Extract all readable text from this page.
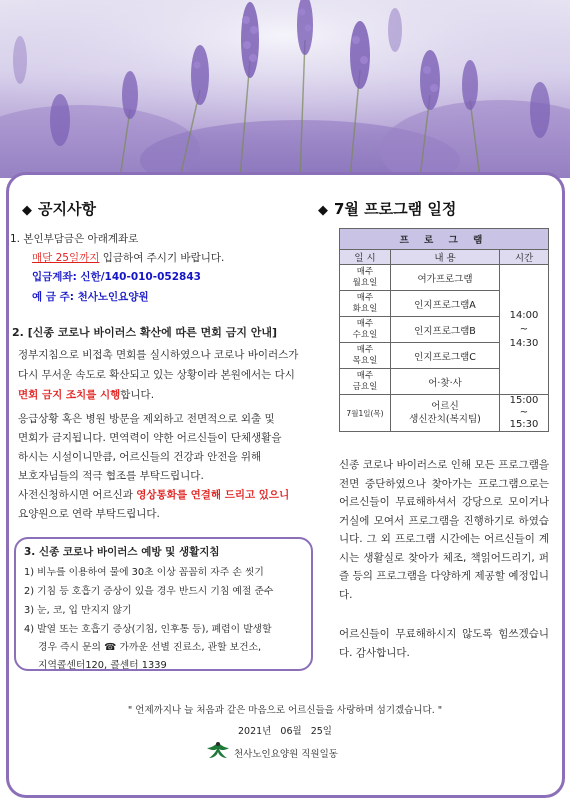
◆ 공지사항
1. 본인부담금은 아래계좌로
매달 25일까지 입금하여 주시기 바랍니다.
입금계좌: 신한/140-010-052843
예 금 주: 천사노인요양원
2. [신종 코로나 바이러스 확산에 따른 면회 금지 안내]
정부지침으로 비접촉 면회를 실시하였으나 코로나 바이러스가
다시 무서운 속도로 확산되고 있는 상황이라 본원에서는 다시
면회 금지 조치를 시행합니다.
응급상황 혹은 병원 방문을 제외하고 전면적으로 외출 및
면회가 금지됩니다. 면역력이 약한 어르신들이 단체생활을
하시는 시설이니만큼, 어르신들의 건강과 안전을 위해
보호자님들의 적극 협조를 부탁드립니다.
사전신청하시면 어르신과 영상통화를 연결해 드리고 있으니
요양원으로 연락 부탁드립니다.
3. 신종 코로나 바이러스 예방 및 생활지침
1) 비누를 이용하여 물에 30초 이상 꼼꼼히 자주 손 씻기
2) 기침 등 호흡기 증상이 있을 경우 반드시 기침 예절 준수
3) 눈, 코, 입 만지지 않기
4) 발열 또는 호흡기 증상(기침, 인후통 등), 폐렴이 발생할
경우 즉시 문의 ☎ 가까운 선별 진료소, 관할 보건소,
지역콜센터120, 콜센터 1339
◆ 7월 프로그램 일정
프 로 그 램		
일 시	내 용	시간
매주
월요일	여가프로그램	14:00
~
14:30
매주
화요일	인지프로그램A	
매주
수요일	인지프로그램B	
매주
목요일	인지프로그램C	
매주
금요일	어·찾·사	
7월1일(목)	어르신
생신잔치(복지팀)	15:00
~
15:30
신종 코로나 바이러스로 인해 모든 프로그램을 전면 중단하였으나 찾아가는 프로그램으로는 어르신들이 무료해하셔서 강당으로 모이거나 거실에 모여서 프로그램을 진행하기로 하였습니다. 그 외 프로그램 시간에는 어르신들이 계시는 생활실로 찾아가 체조, 책읽어드리기, 퍼즐 등의 프로그램을 다양하게 제공할 예정입니다.
어르신들이 무료해하시지 않도록 힘쓰겠습니다. 감사합니다.
" 언제까지나 늘 처음과 같은 마음으로 어르신들을 사랑하며 섬기겠습니다. "
2021년   06월   25일
천사노인요양원 직원일동
